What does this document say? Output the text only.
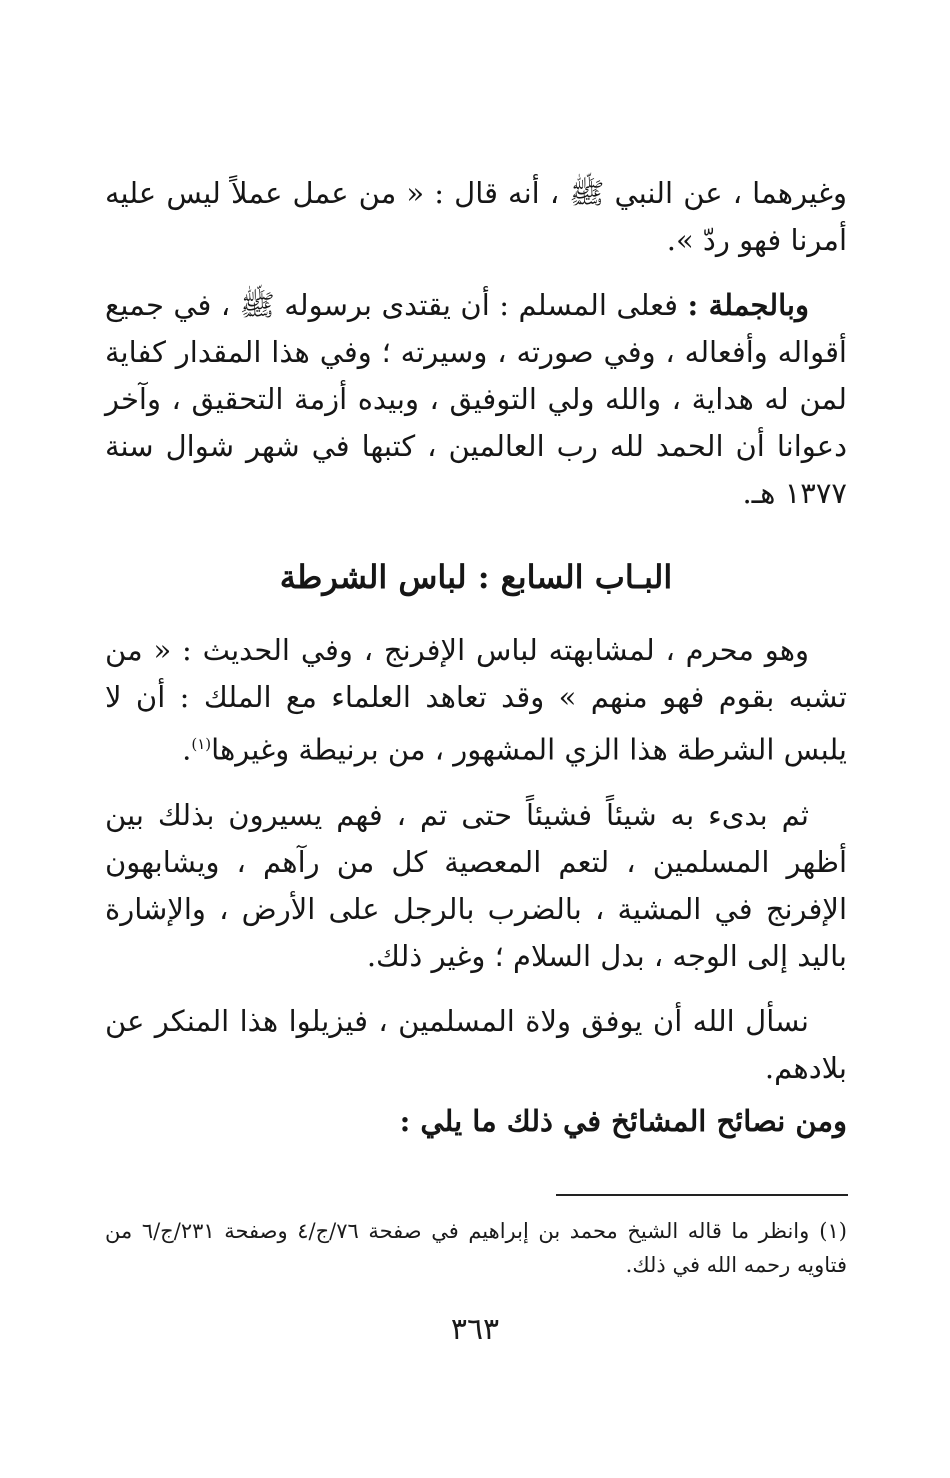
وغيرهما ، عن النبي ﷺ ، أنه قال : « من عمل عملاً ليس عليه أمرنا فهو ردّ ».

وبالجملة : فعلى المسلم : أن يقتدى برسوله ﷺ ، في جميع أقواله وأفعاله ، وفي صورته ، وسيرته ؛ وفي هذا المقدار كفاية لمن له هداية ، والله ولي التوفيق ، وبيده أزمة التحقيق ، وآخر دعوانا أن الحمد لله رب العالمين ، كتبها في شهر شوال سنة ١٣٧٧ هـ.

البـاب السابع : لباس الشرطة

وهو محرم ، لمشابهته لباس الإفرنج ، وفي الحديث : « من تشبه بقوم فهو منهم » وقد تعاهد العلماء مع الملك : أن لا يلبس الشرطة هذا الزي المشهور ، من برنيطة وغيرها$^{(١)}$.

ثم بدىء به شيئاً فشيئاً حتى تم ، فهم يسيرون بذلك بين أظهر المسلمين ، لتعم المعصية كل من رآهم ، ويشابهون الإفرنج في المشية ، بالضرب بالرجل على الأرض ، والإشارة باليد إلى الوجه ، بدل السلام ؛ وغير ذلك.

نسأل الله أن يوفق ولاة المسلمين ، فيزيلوا هذا المنكر عن بلادهم.

ومن نصائح المشائخ في ذلك ما يلي :

(١)وانظر ما قاله الشيخ محمد بن إبراهيم في صفحة ٧٦/ج/٤ وصفحة ٢٣١/ج/٦ من فتاويه رحمه الله في ذلك.
٣٦٣
